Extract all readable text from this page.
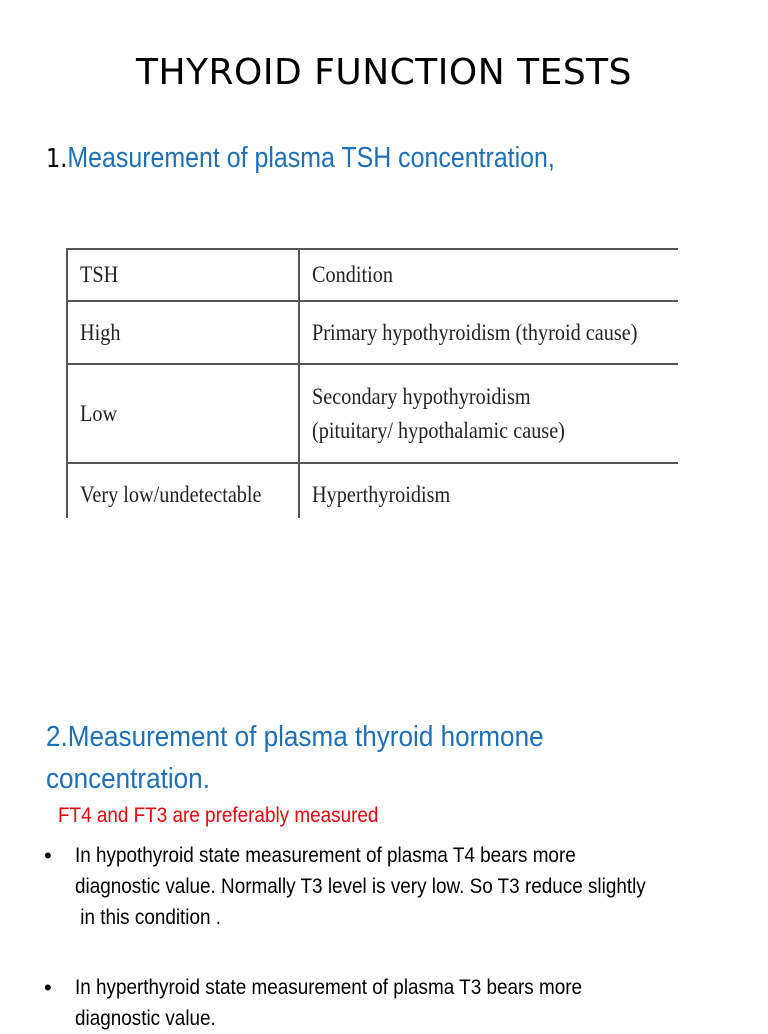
THYROID FUNCTION TESTS
1.Measurement of plasma TSH concentration,
TSH	Condition
High	Primary hypothyroidism (thyroid cause)
Low	Secondary hypothyroidism
(pituitary/ hypothalamic cause)
Very low/undetectable	Hyperthyroidism
2.Measurement of plasma thyroid hormone
concentration.
FT4 and FT3 are preferably measured
• In hypothyroid state measurement of plasma T4 bears more
diagnostic value. Normally T3 level is very low. So T3 reduce slightly
in this condition .
• In hyperthyroid state measurement of plasma T3 bears more
diagnostic value.
